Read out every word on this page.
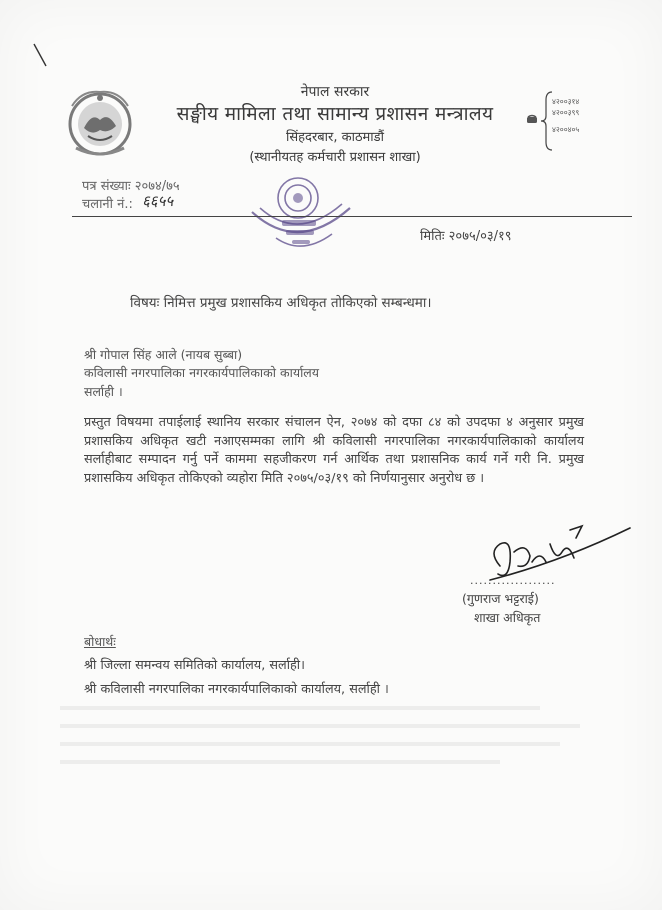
नेपाल सरकार
सङ्घीय मामिला तथा सामान्य प्रशासन मन्त्रालय
सिंहदरबार, काठमाडौं
(स्थानीयतह कर्मचारी प्रशासन शाखा)
४२००३१४
४२००३९९
४२००४०५
पत्र संख्याः २०७४/७५
चलानी नं.: ६६५५
मितिः २०७५/०३/१९
विषयः निमित्त प्रमुख प्रशासकिय अधिकृत तोकिएको सम्बन्धमा।
श्री गोपाल सिंह आले (नायब सुब्बा)
कविलासी नगरपालिका नगरकार्यपालिकाको कार्यालय
सर्लाही ।
प्रस्तुत विषयमा तपाईलाई स्थानिय सरकार संचालन ऐन, २०७४ को दफा ८४ को उपदफा ४ अनुसार प्रमुख प्रशासकिय अधिकृत खटी नआएसम्मका लागि श्री कविलासी नगरपालिका नगरकार्यपालिकाको कार्यालय सर्लाहीबाट सम्पादन गर्नु पर्ने काममा सहजीकरण गर्न आर्थिक तथा प्रशासनिक कार्य गर्ने गरी नि. प्रमुख प्रशासकिय अधिकृत तोकिएको व्यहोरा मिति २०७५/०३/१९ को निर्णयानुसार अनुरोध छ ।
...................
(गुणराज भट्टराई)
शाखा अधिकृत
बोधार्थः
श्री जिल्ला समन्वय समितिको कार्यालय, सर्लाही।
श्री कविलासी नगरपालिका नगरकार्यपालिकाको कार्यालय, सर्लाही ।
